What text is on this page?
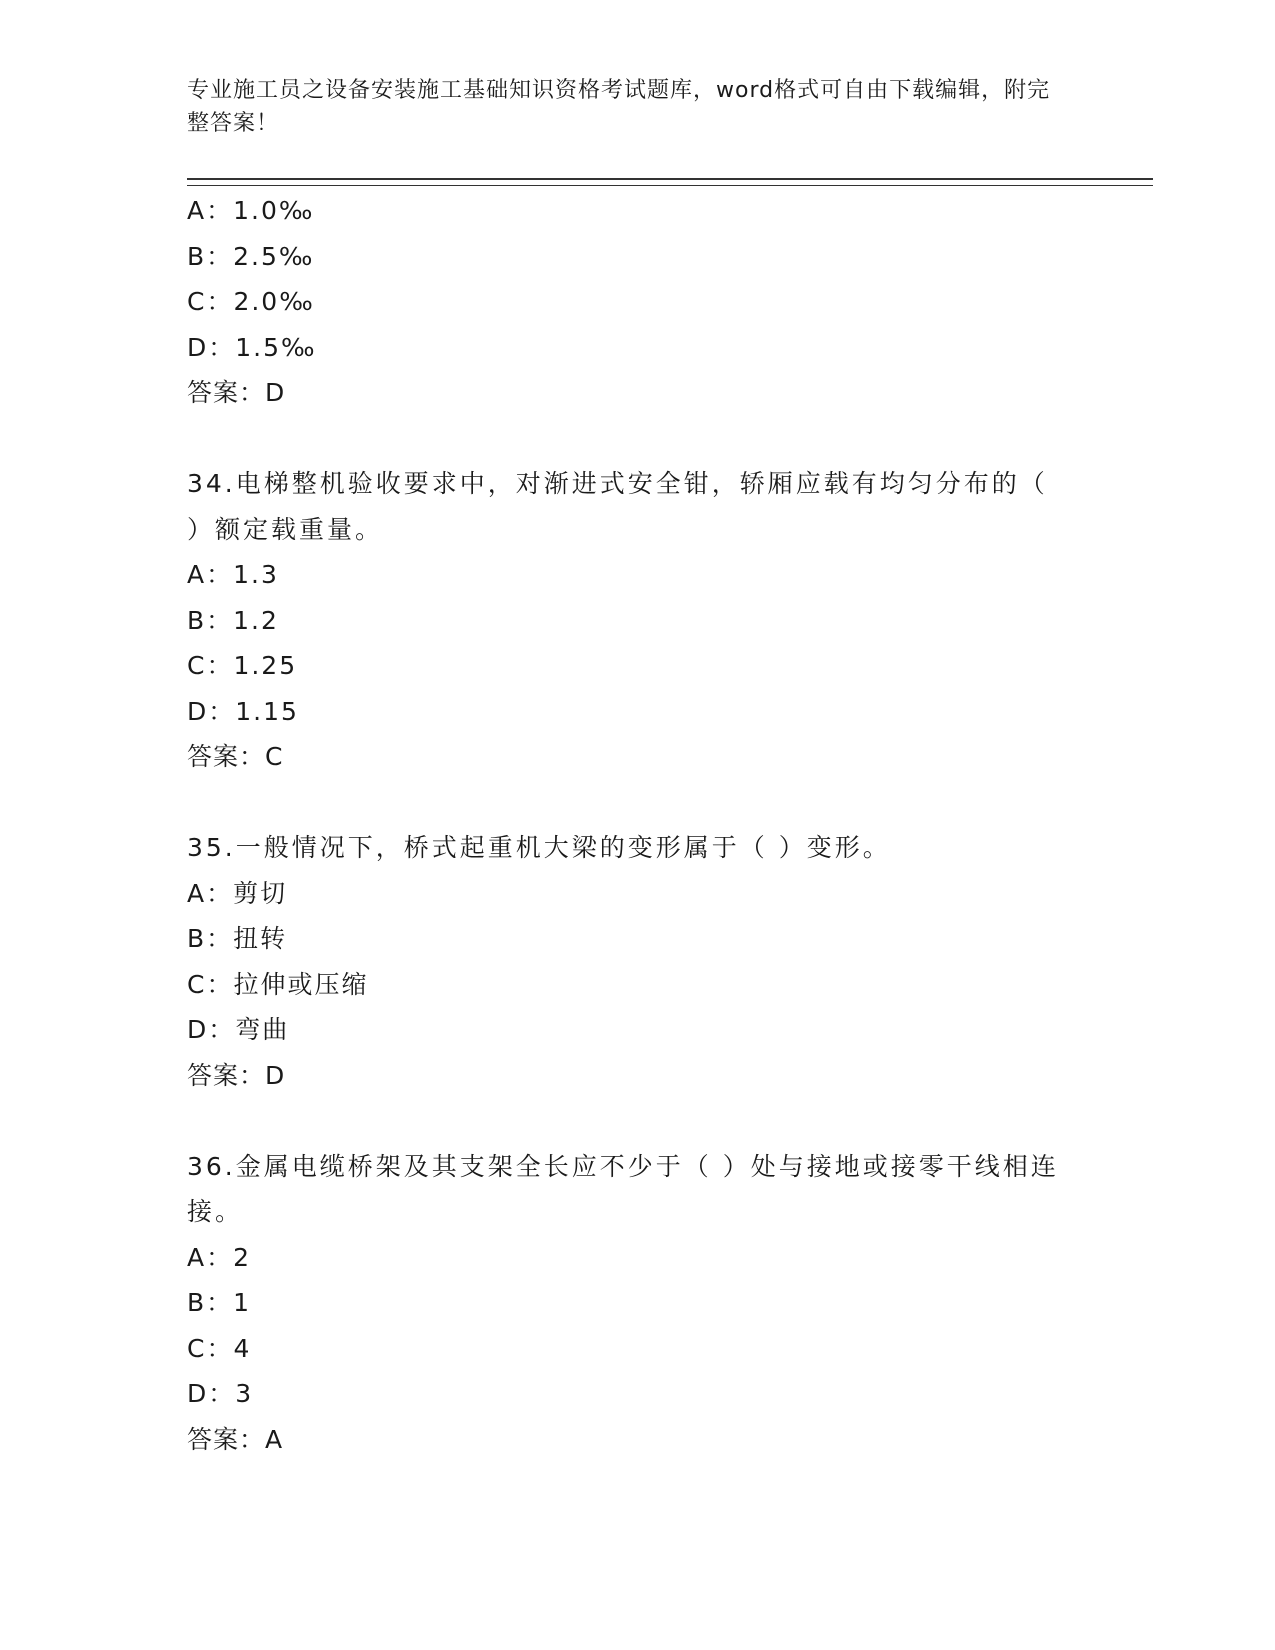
专业施工员之设备安装施工基础知识资格考试题库，word格式可自由下载编辑，附完整答案！
A：1.0‰
B：2.5‰
C：2.0‰
D：1.5‰
答案：D
34.电梯整机验收要求中，对渐进式安全钳，轿厢应载有均匀分布的（ ）额定载重量。
A：1.3
B：1.2
C：1.25
D：1.15
答案：C
35.一般情况下，桥式起重机大梁的变形属于（ ）变形。
A：剪切
B：扭转
C：拉伸或压缩
D：弯曲
答案：D
36.金属电缆桥架及其支架全长应不少于（ ）处与接地或接零干线相连接。
A：2
B：1
C：4
D：3
答案：A
